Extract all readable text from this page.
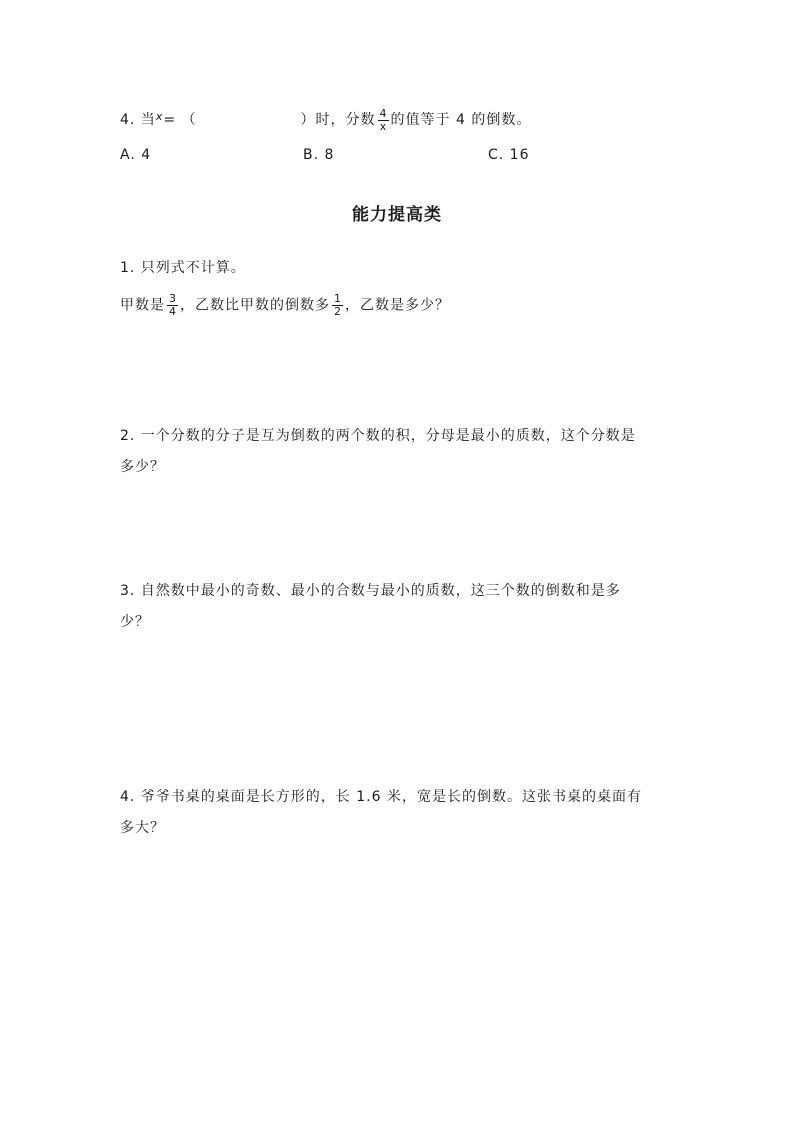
4. 当$^x$= （	）时，分数 $\frac{4}{x}$ 的值等于 4 的倒数。
A. 4	B. 8	C. 16
能力提高类
1. 只列式不计算。
甲数是 $\frac{3}{4}$ ，乙数比甲数的倒数多 $\frac{1}{2}$ ，乙数是多少？
2. 一个分数的分子是互为倒数的两个数的积，分母是最小的质数，这个分数是
多少？
3. 自然数中最小的奇数、最小的合数与最小的质数，这三个数的倒数和是多
少？
4. 爷爷书桌的桌面是长方形的，长 1.6 米，宽是长的倒数。这张书桌的桌面有
多大？
